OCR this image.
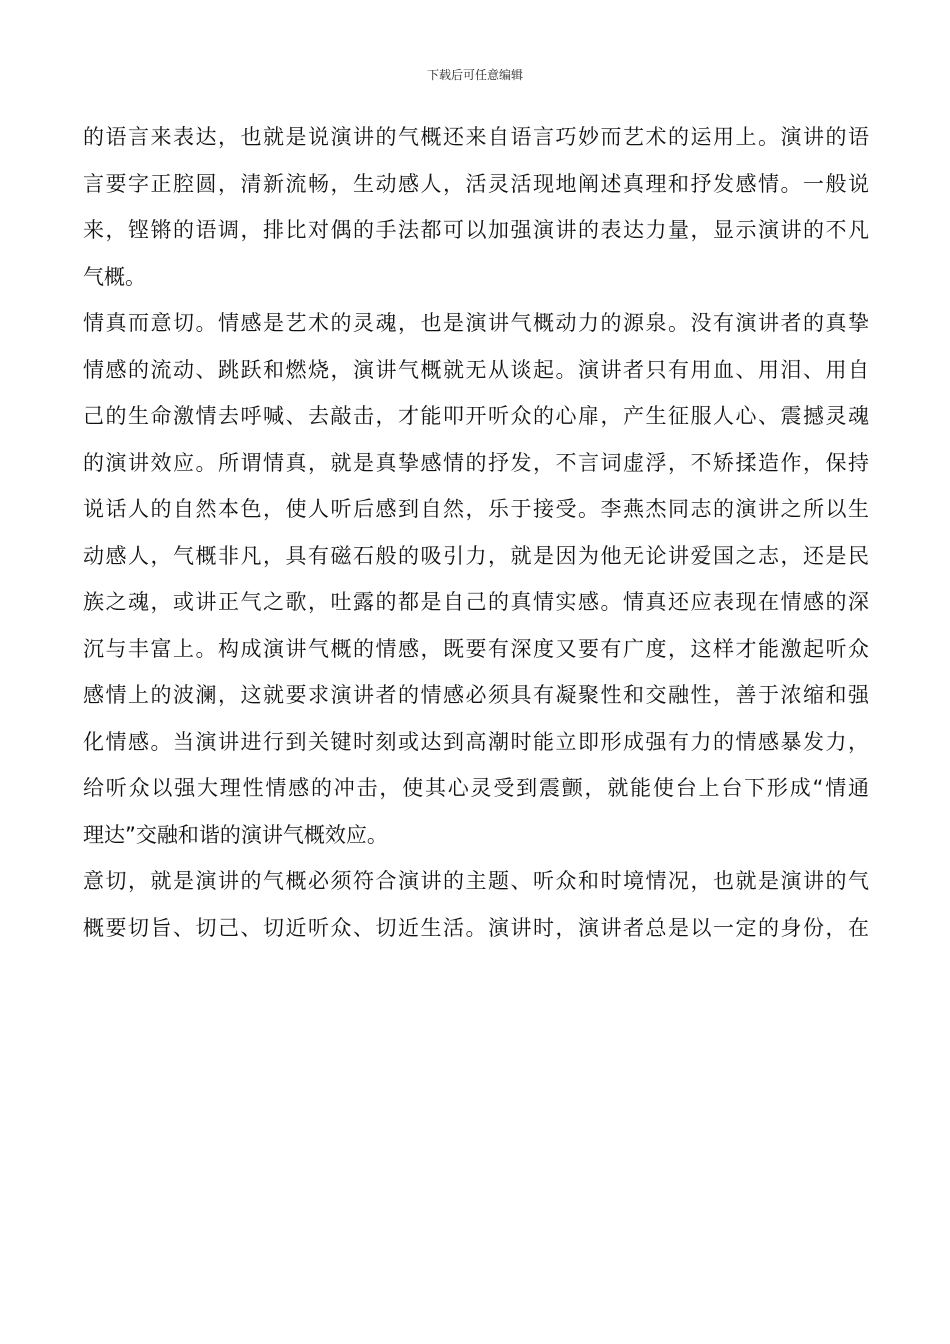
下载后可任意编辑
的语言来表达，也就是说演讲的气概还来自语言巧妙而艺术的运用上。演讲的语
言要字正腔圆，清新流畅，生动感人，活灵活现地阐述真理和抒发感情。一般说
来，铿锵的语调，排比对偶的手法都可以加强演讲的表达力量，显示演讲的不凡
气概。
情真而意切。情感是艺术的灵魂，也是演讲气概动力的源泉。没有演讲者的真挚
情感的流动、跳跃和燃烧，演讲气概就无从谈起。演讲者只有用血、用泪、用自
己的生命激情去呼喊、去敲击，才能叩开听众的心扉，产生征服人心、震撼灵魂
的演讲效应。所谓情真，就是真挚感情的抒发，不言词虚浮，不矫揉造作，保持
说话人的自然本色，使人听后感到自然，乐于接受。李燕杰同志的演讲之所以生
动感人，气概非凡，具有磁石般的吸引力，就是因为他无论讲爱国之志，还是民
族之魂，或讲正气之歌，吐露的都是自己的真情实感。情真还应表现在情感的深
沉与丰富上。构成演讲气概的情感，既要有深度又要有广度，这样才能激起听众
感情上的波澜，这就要求演讲者的情感必须具有凝聚性和交融性，善于浓缩和强
化情感。当演讲进行到关键时刻或达到高潮时能立即形成强有力的情感暴发力，
给听众以强大理性情感的冲击，使其心灵受到震颤，就能使台上台下形成“情通
理达”交融和谐的演讲气概效应。
意切，就是演讲的气概必须符合演讲的主题、听众和时境情况，也就是演讲的气
概要切旨、切己、切近听众、切近生活。演讲时，演讲者总是以一定的身份，在
